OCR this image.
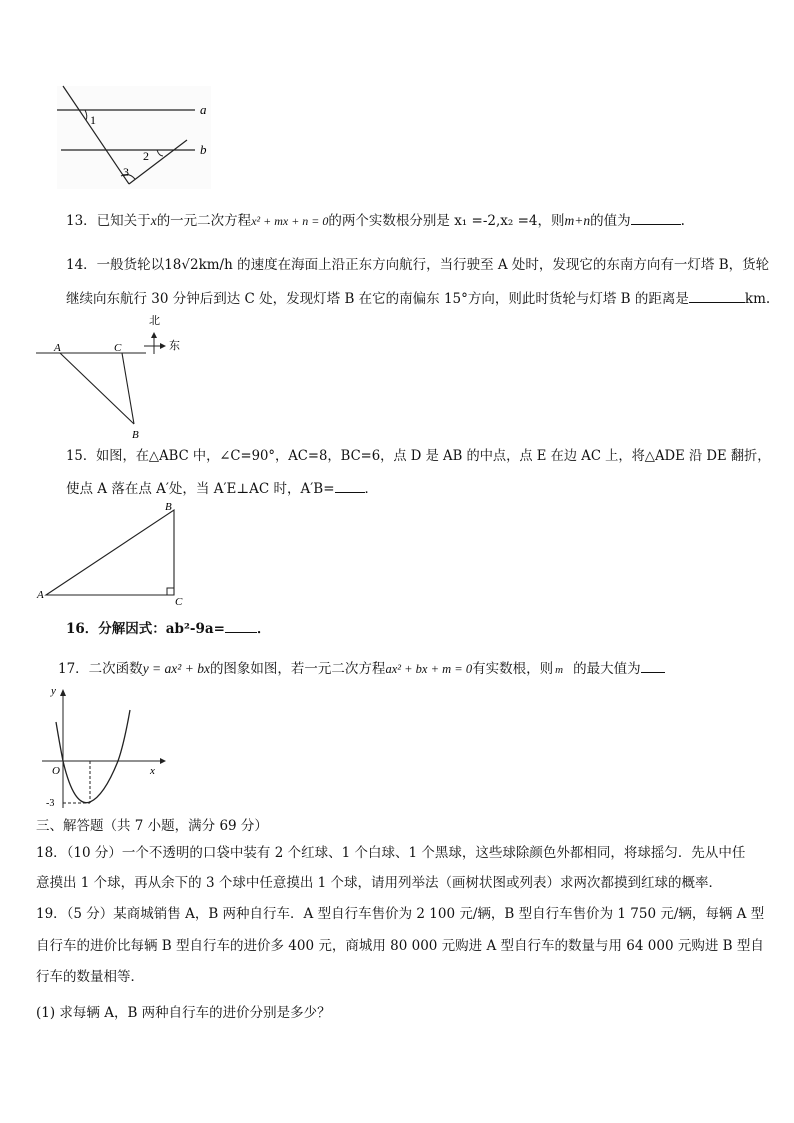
a
b
1
2
3
13．已知关于x的一元二次方程x² + mx + n = 0的两个实数根分别是 x₁ =-2,x₂ =4，则m+n的值为	.
14．一般货轮以18√2km/h 的速度在海面上沿正东方向航行，当行驶至 A 处时，发现它的东南方向有一灯塔 B，货轮
继续向东航行 30 分钟后到达 C 处，发现灯塔 B 在它的南偏东 15°方向，则此时货轮与灯塔 B 的距离是	km.
北
东
A	C
B
15．如图，在△ABC 中，∠C=90°，AC=8，BC=6，点 D 是 AB 的中点，点 E 在边 AC 上，将△ADE 沿 DE 翻折，
使点 A 落在点 A′处，当 A′E⊥AC 时，A′B= ．
A
B
C
16．分解因式：ab²-9a= ．
17．二次函数y = ax² + bx的图象如图，若一元二次方程ax² + bx + m = 0有实数根，则 m 的最大值为
y
x
O
-3
三、解答题（共 7 小题，满分 69 分）
18．（10 分）一个不透明的口袋中装有 2 个红球、1 个白球、1 个黑球，这些球除颜色外都相同，将球摇匀．先从中任
意摸出 1 个球，再从余下的 3 个球中任意摸出 1 个球，请用列举法（画树状图或列表）求两次都摸到红球的概率．
19．（5 分）某商城销售 A，B 两种自行车．A 型自行车售价为 2 100 元/辆，B 型自行车售价为 1 750 元/辆，每辆 A 型
自行车的进价比每辆 B 型自行车的进价多 400 元，商城用 80 000 元购进 A 型自行车的数量与用 64 000 元购进 B 型自
行车的数量相等．
(1) 求每辆 A，B 两种自行车的进价分别是多少？
